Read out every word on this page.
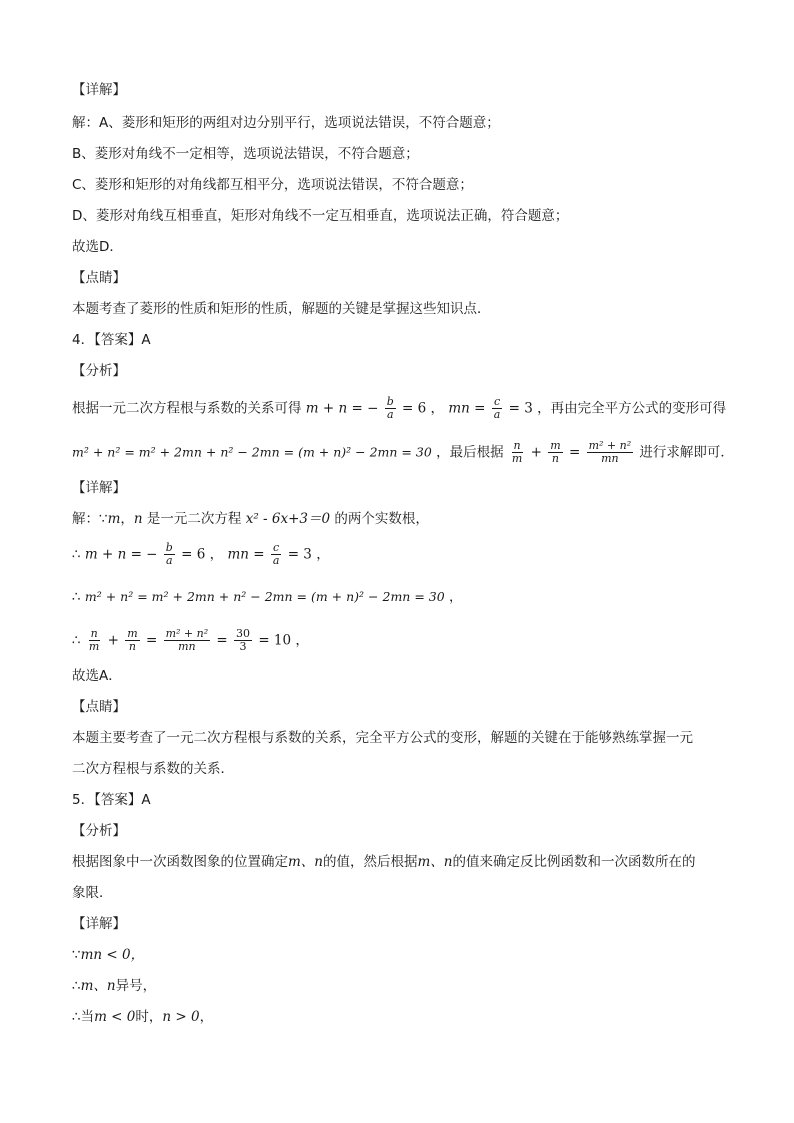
【详解】
解：A、菱形和矩形的两组对边分别平行，选项说法错误，不符合题意；
B、菱形对角线不一定相等，选项说法错误，不符合题意；
C、菱形和矩形的对角线都互相平分，选项说法错误，不符合题意；
D、菱形对角线互相垂直，矩形对角线不一定互相垂直，选项说法正确，符合题意；
故选D．
【点睛】
本题考查了菱形的性质和矩形的性质，解题的关键是掌握这些知识点．
4．【答案】A
【分析】
根据一元二次方程根与系数的关系可得 m + n = − $\frac{b}{a} = 6$ ， mn = $\frac{c}{a} = 3$ ，再由完全平方公式的变形可得
m² + n² = m² + 2mn + n² − 2mn = (m + n)² − 2mn = 30 ，最后根据 $\frac{n}{m} + \frac{m}{n} = \frac{\text{m² + n²}}{mn}$ 进行求解即可．
【详解】
解：∵m，n 是一元二次方程 x² - 6x+3＝0 的两个实数根，
∴ m + n = − $\frac{b}{a} = 6$ ， mn = $\frac{c}{a} = 3$ ，
∴ m² + n² = m² + 2mn + n² − 2mn = (m + n)² − 2mn = 30 ，
∴ $\frac{n}{m} + \frac{m}{n} = \frac{\text{m² + n²}}{mn} = \frac{30}{3} = 10$ ，
故选A．
【点睛】
本题主要考查了一元二次方程根与系数的关系，完全平方公式的变形，解题的关键在于能够熟练掌握一元
二次方程根与系数的关系．
5．【答案】A
【分析】
根据图象中一次函数图象的位置确定m、n的值，然后根据m、n的值来确定反比例函数和一次函数所在的
象限．
【详解】
∵mn < 0，
∴m、n异号，
∴当m < 0时，n > 0，
